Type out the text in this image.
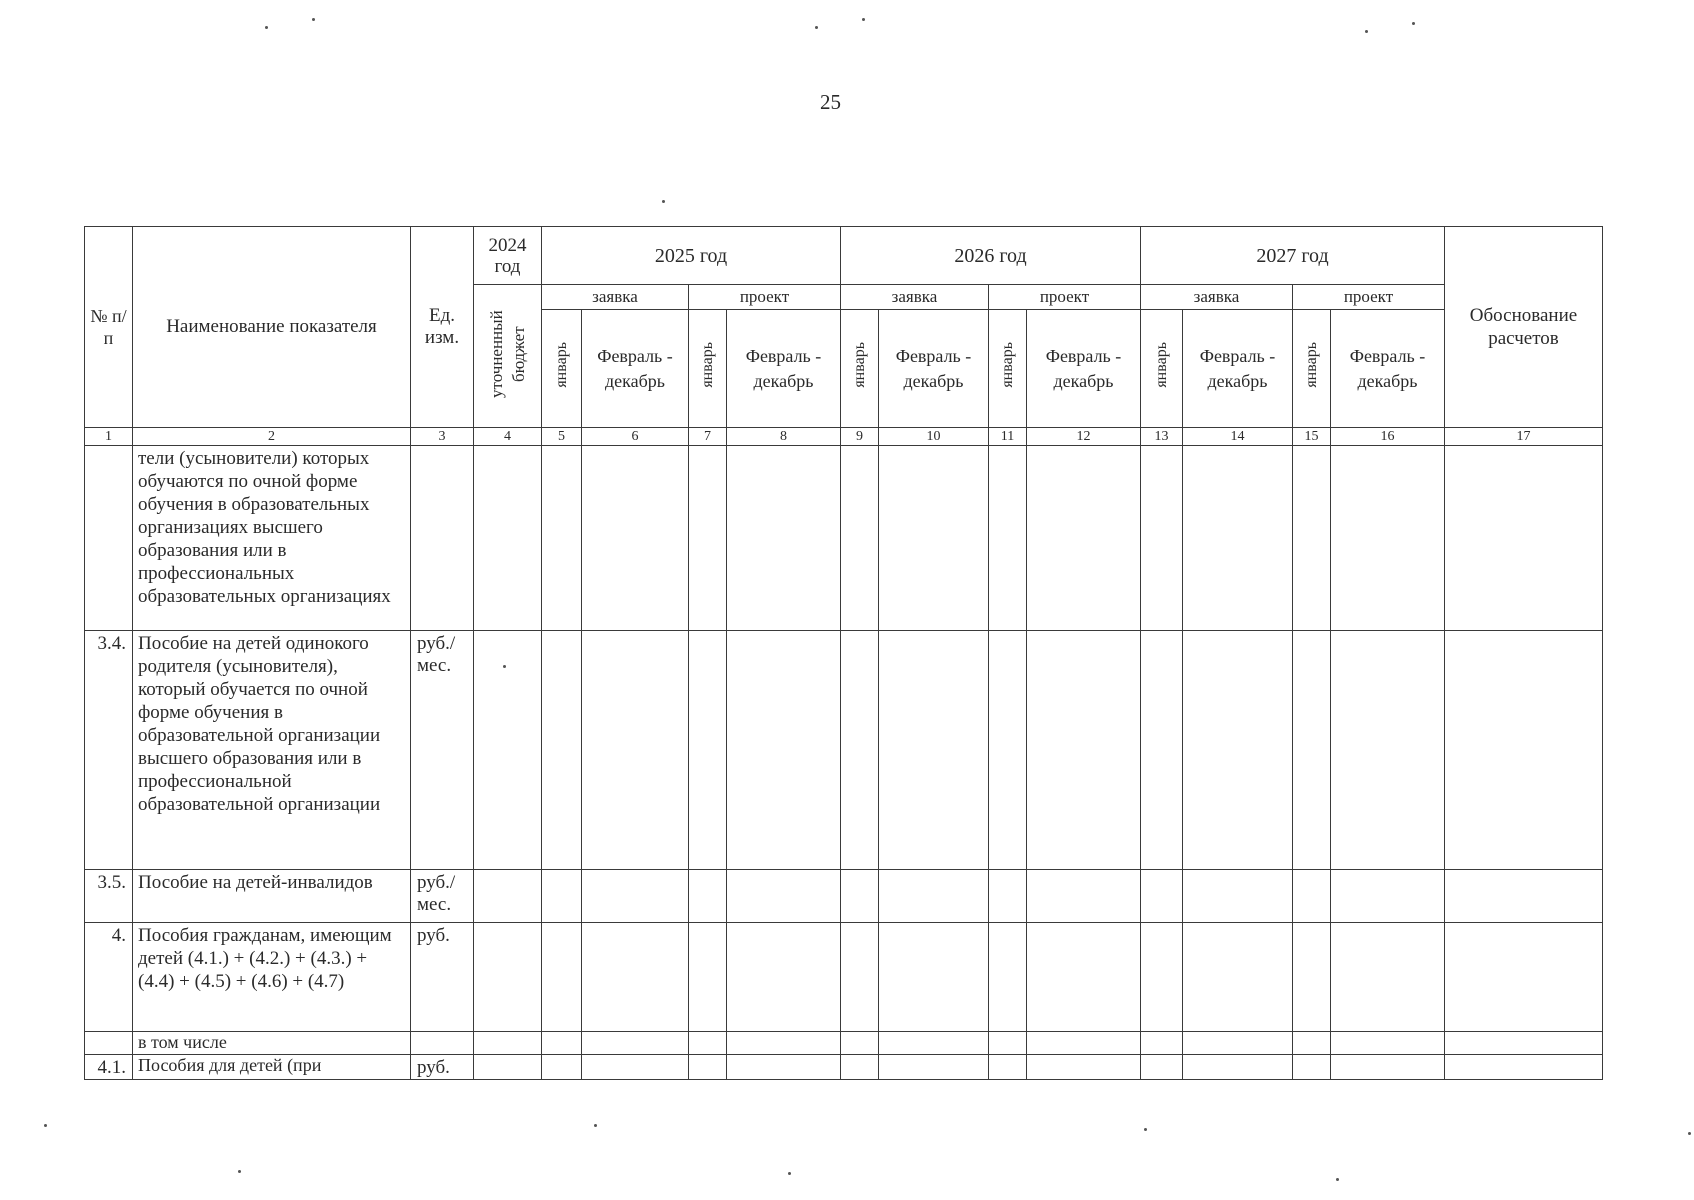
25
№ п/п	Наименование показателя	Ед. изм.	2024 год	2025 год				2026 год				2027 год				Обоснование расчетов
			уточненный бюджет	заявка		проект		заявка		проект		заявка		проект		
				январь	Февраль - декабрь	январь	Февраль - декабрь	январь	Февраль - декабрь	январь	Февраль - декабрь	январь	Февраль - декабрь	январь	Февраль - декабрь	
1	2	3	4	5	6	7	8	9	10	11	12	13	14	15	16	17
	тели (усыновители) которых обучаются по очной форме обучения в образовательных организациях высшего образования или в профессиональных образовательных организациях															
3.4.	Пособие на детей одинокого родителя (усыновителя), который обучается по очной форме обучения в образовательной организации высшего образования или в профессиональной образовательной организации	руб./ мес.														
3.5.	Пособие на детей-инвалидов	руб./ мес.														
4.	Пособия гражданам, имеющим детей (4.1.) + (4.2.) + (4.3.) + (4.4) + (4.5) + (4.6) + (4.7)	руб.														
	в том числе															
4.1.	Пособия для детей (при	руб.														
